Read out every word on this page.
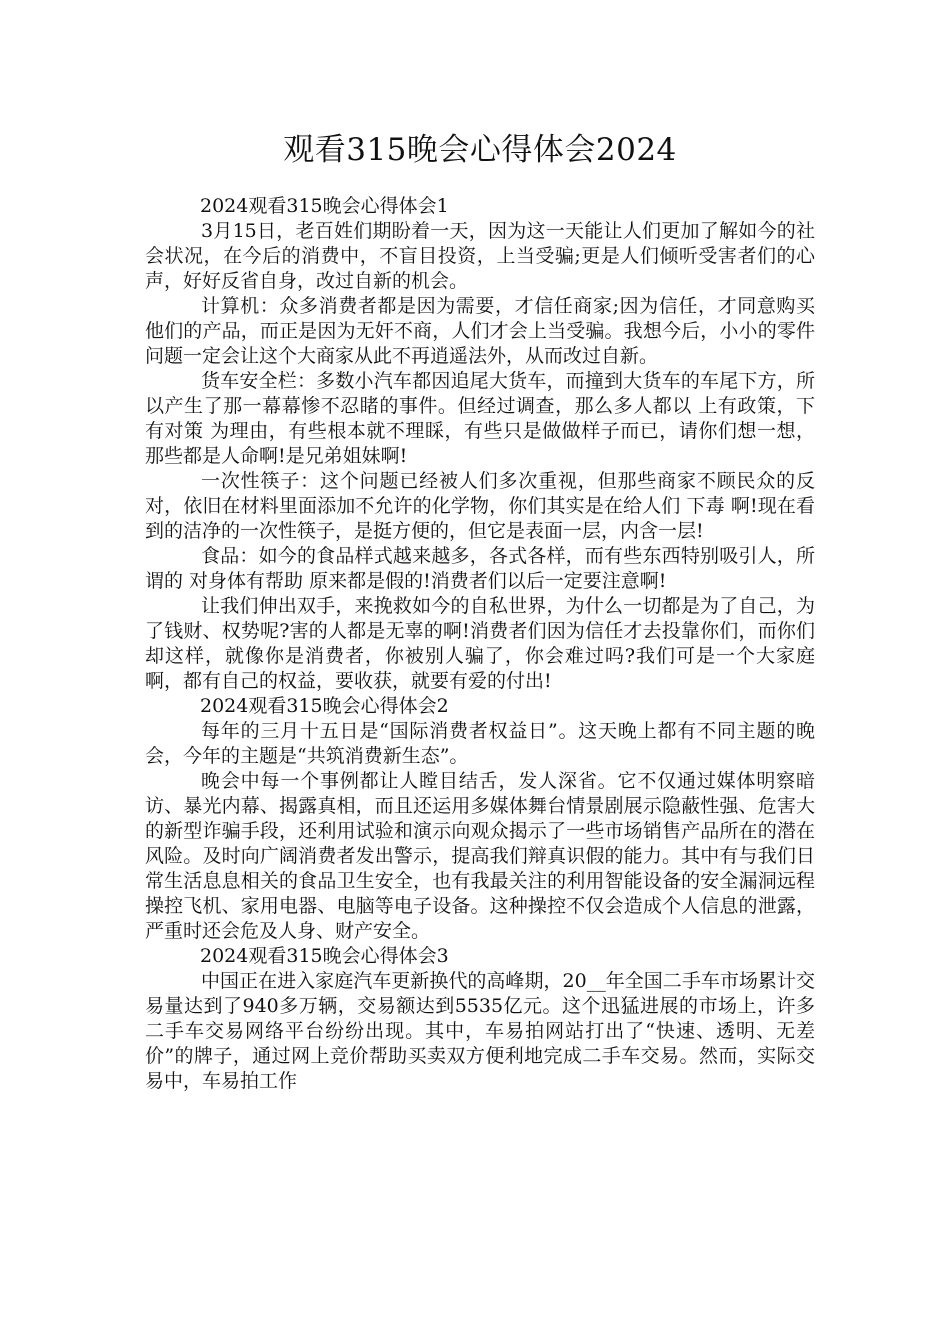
观看315晚会心得体会2024
2024观看315晚会心得体会1

3月15日，老百姓们期盼着一天，因为这一天能让人们更加了解如今的社会状况，在今后的消费中，不盲目投资，上当受骗;更是人们倾听受害者们的心声，好好反省自身，改过自新的机会。

计算机：众多消费者都是因为需要，才信任商家;因为信任，才同意购买他们的产品，而正是因为无奸不商，人们才会上当受骗。我想今后，小小的零件问题一定会让这个大商家从此不再逍遥法外，从而改过自新。

货车安全栏：多数小汽车都因追尾大货车，而撞到大货车的车尾下方，所以产生了那一幕幕惨不忍睹的事件。但经过调查，那么多人都以 上有政策，下有对策 为理由，有些根本就不理睬，有些只是做做样子而已，请你们想一想，那些都是人命啊!是兄弟姐妹啊!

一次性筷子：这个问题已经被人们多次重视，但那些商家不顾民众的反对，依旧在材料里面添加不允许的化学物，你们其实是在给人们 下毒 啊!现在看到的洁净的一次性筷子，是挺方便的，但它是表面一层，内含一层!

食品：如今的食品样式越来越多，各式各样，而有些东西特别吸引人，所谓的 对身体有帮助 原来都是假的!消费者们以后一定要注意啊!

让我们伸出双手，来挽救如今的自私世界，为什么一切都是为了自己，为了钱财、权势呢?害的人都是无辜的啊!消费者们因为信任才去投靠你们，而你们却这样，就像你是消费者，你被别人骗了，你会难过吗?我们可是一个大家庭啊，都有自己的权益，要收获，就要有爱的付出!

2024观看315晚会心得体会2

每年的三月十五日是“国际消费者权益日”。这天晚上都有不同主题的晚会，今年的主题是“共筑消费新生态”。

晚会中每一个事例都让人瞠目结舌，发人深省。它不仅通过媒体明察暗访、暴光内幕、揭露真相，而且还运用多媒体舞台情景剧展示隐蔽性强、危害大的新型诈骗手段，还利用试验和演示向观众揭示了一些市场销售产品所在的潜在风险。及时向广阔消费者发出警示，提高我们辩真识假的能力。其中有与我们日常生活息息相关的食品卫生安全，也有我最关注的利用智能设备的安全漏洞远程操控飞机、家用电器、电脑等电子设备。这种操控不仅会造成个人信息的泄露，严重时还会危及人身、财产安全。

2024观看315晚会心得体会3

中国正在进入家庭汽车更新换代的高峰期，20__年全国二手车市场累计交易量达到了940多万辆，交易额达到5535亿元。这个迅猛进展的市场上，许多二手车交易网络平台纷纷出现。其中，车易拍网站打出了“快速、透明、无差价”的牌子，通过网上竞价帮助买卖双方便利地完成二手车交易。然而，实际交易中，车易拍工作
